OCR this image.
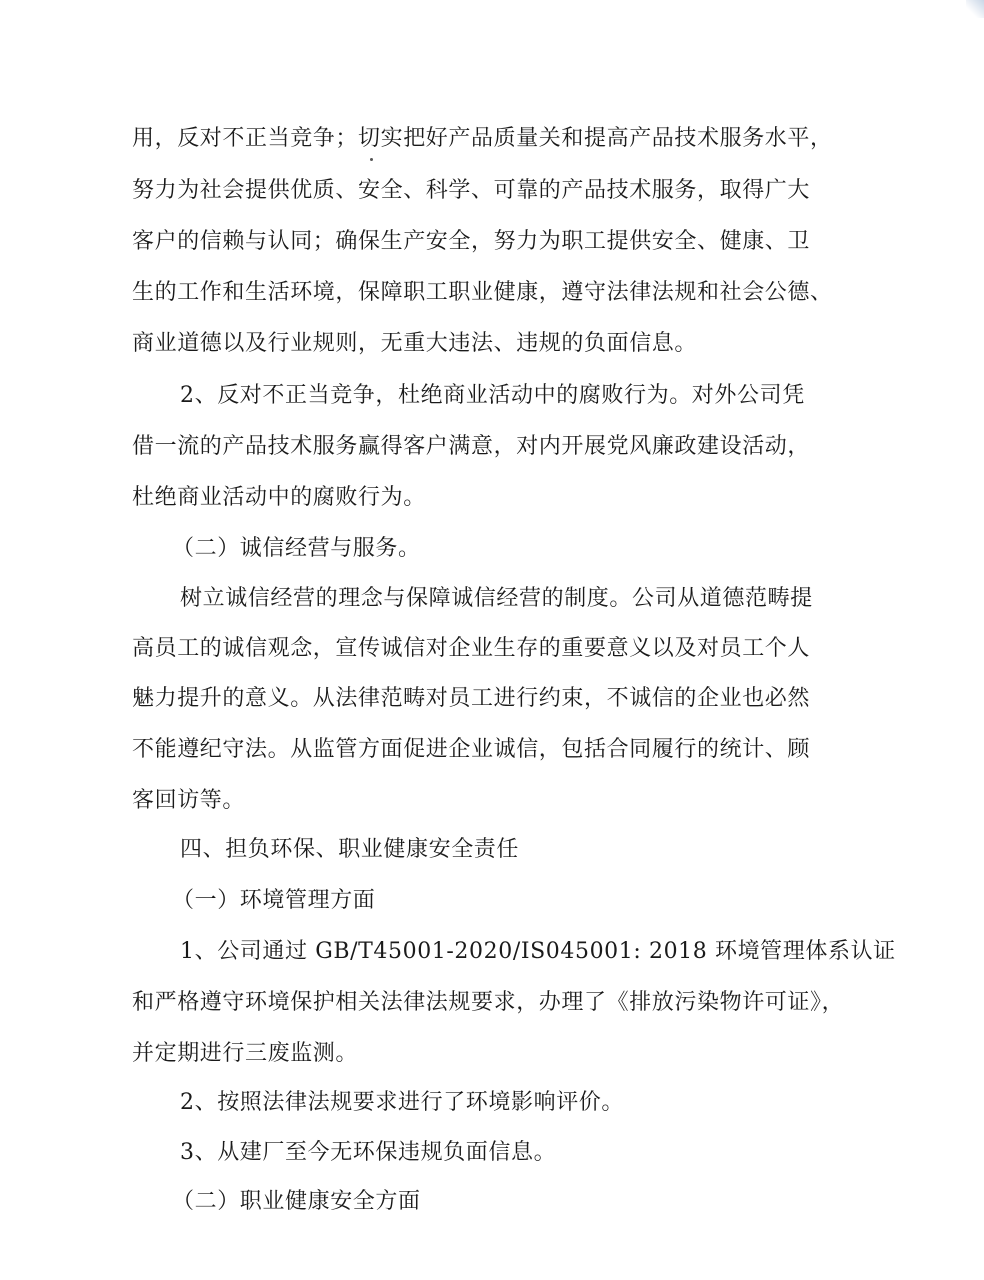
用，反对不正当竞争；切实把好产品质量关和提高产品技术服务水平，
努力为社会提供优质、安全、科学、可靠的产品技术服务，取得广大
客户的信赖与认同；确保生产安全，努力为职工提供安全、健康、卫
生的工作和生活环境，保障职工职业健康，遵守法律法规和社会公德、
商业道德以及行业规则，无重大违法、违规的负面信息。
2、反对不正当竞争，杜绝商业活动中的腐败行为。对外公司凭
借一流的产品技术服务赢得客户满意，对内开展党风廉政建设活动，
杜绝商业活动中的腐败行为。
（二）诚信经营与服务。
树立诚信经营的理念与保障诚信经营的制度。公司从道德范畴提
高员工的诚信观念，宣传诚信对企业生存的重要意义以及对员工个人
魅力提升的意义。从法律范畴对员工进行约束，不诚信的企业也必然
不能遵纪守法。从监管方面促进企业诚信，包括合同履行的统计、顾
客回访等。
四、担负环保、职业健康安全责任
（一）环境管理方面
1、公司通过 GB/T45001-2020/IS045001: 2018 环境管理体系认证
和严格遵守环境保护相关法律法规要求，办理了《排放污染物许可证》，
并定期进行三废监测。
2、按照法律法规要求进行了环境影响评价。
3、从建厂至今无环保违规负面信息。
（二）职业健康安全方面
